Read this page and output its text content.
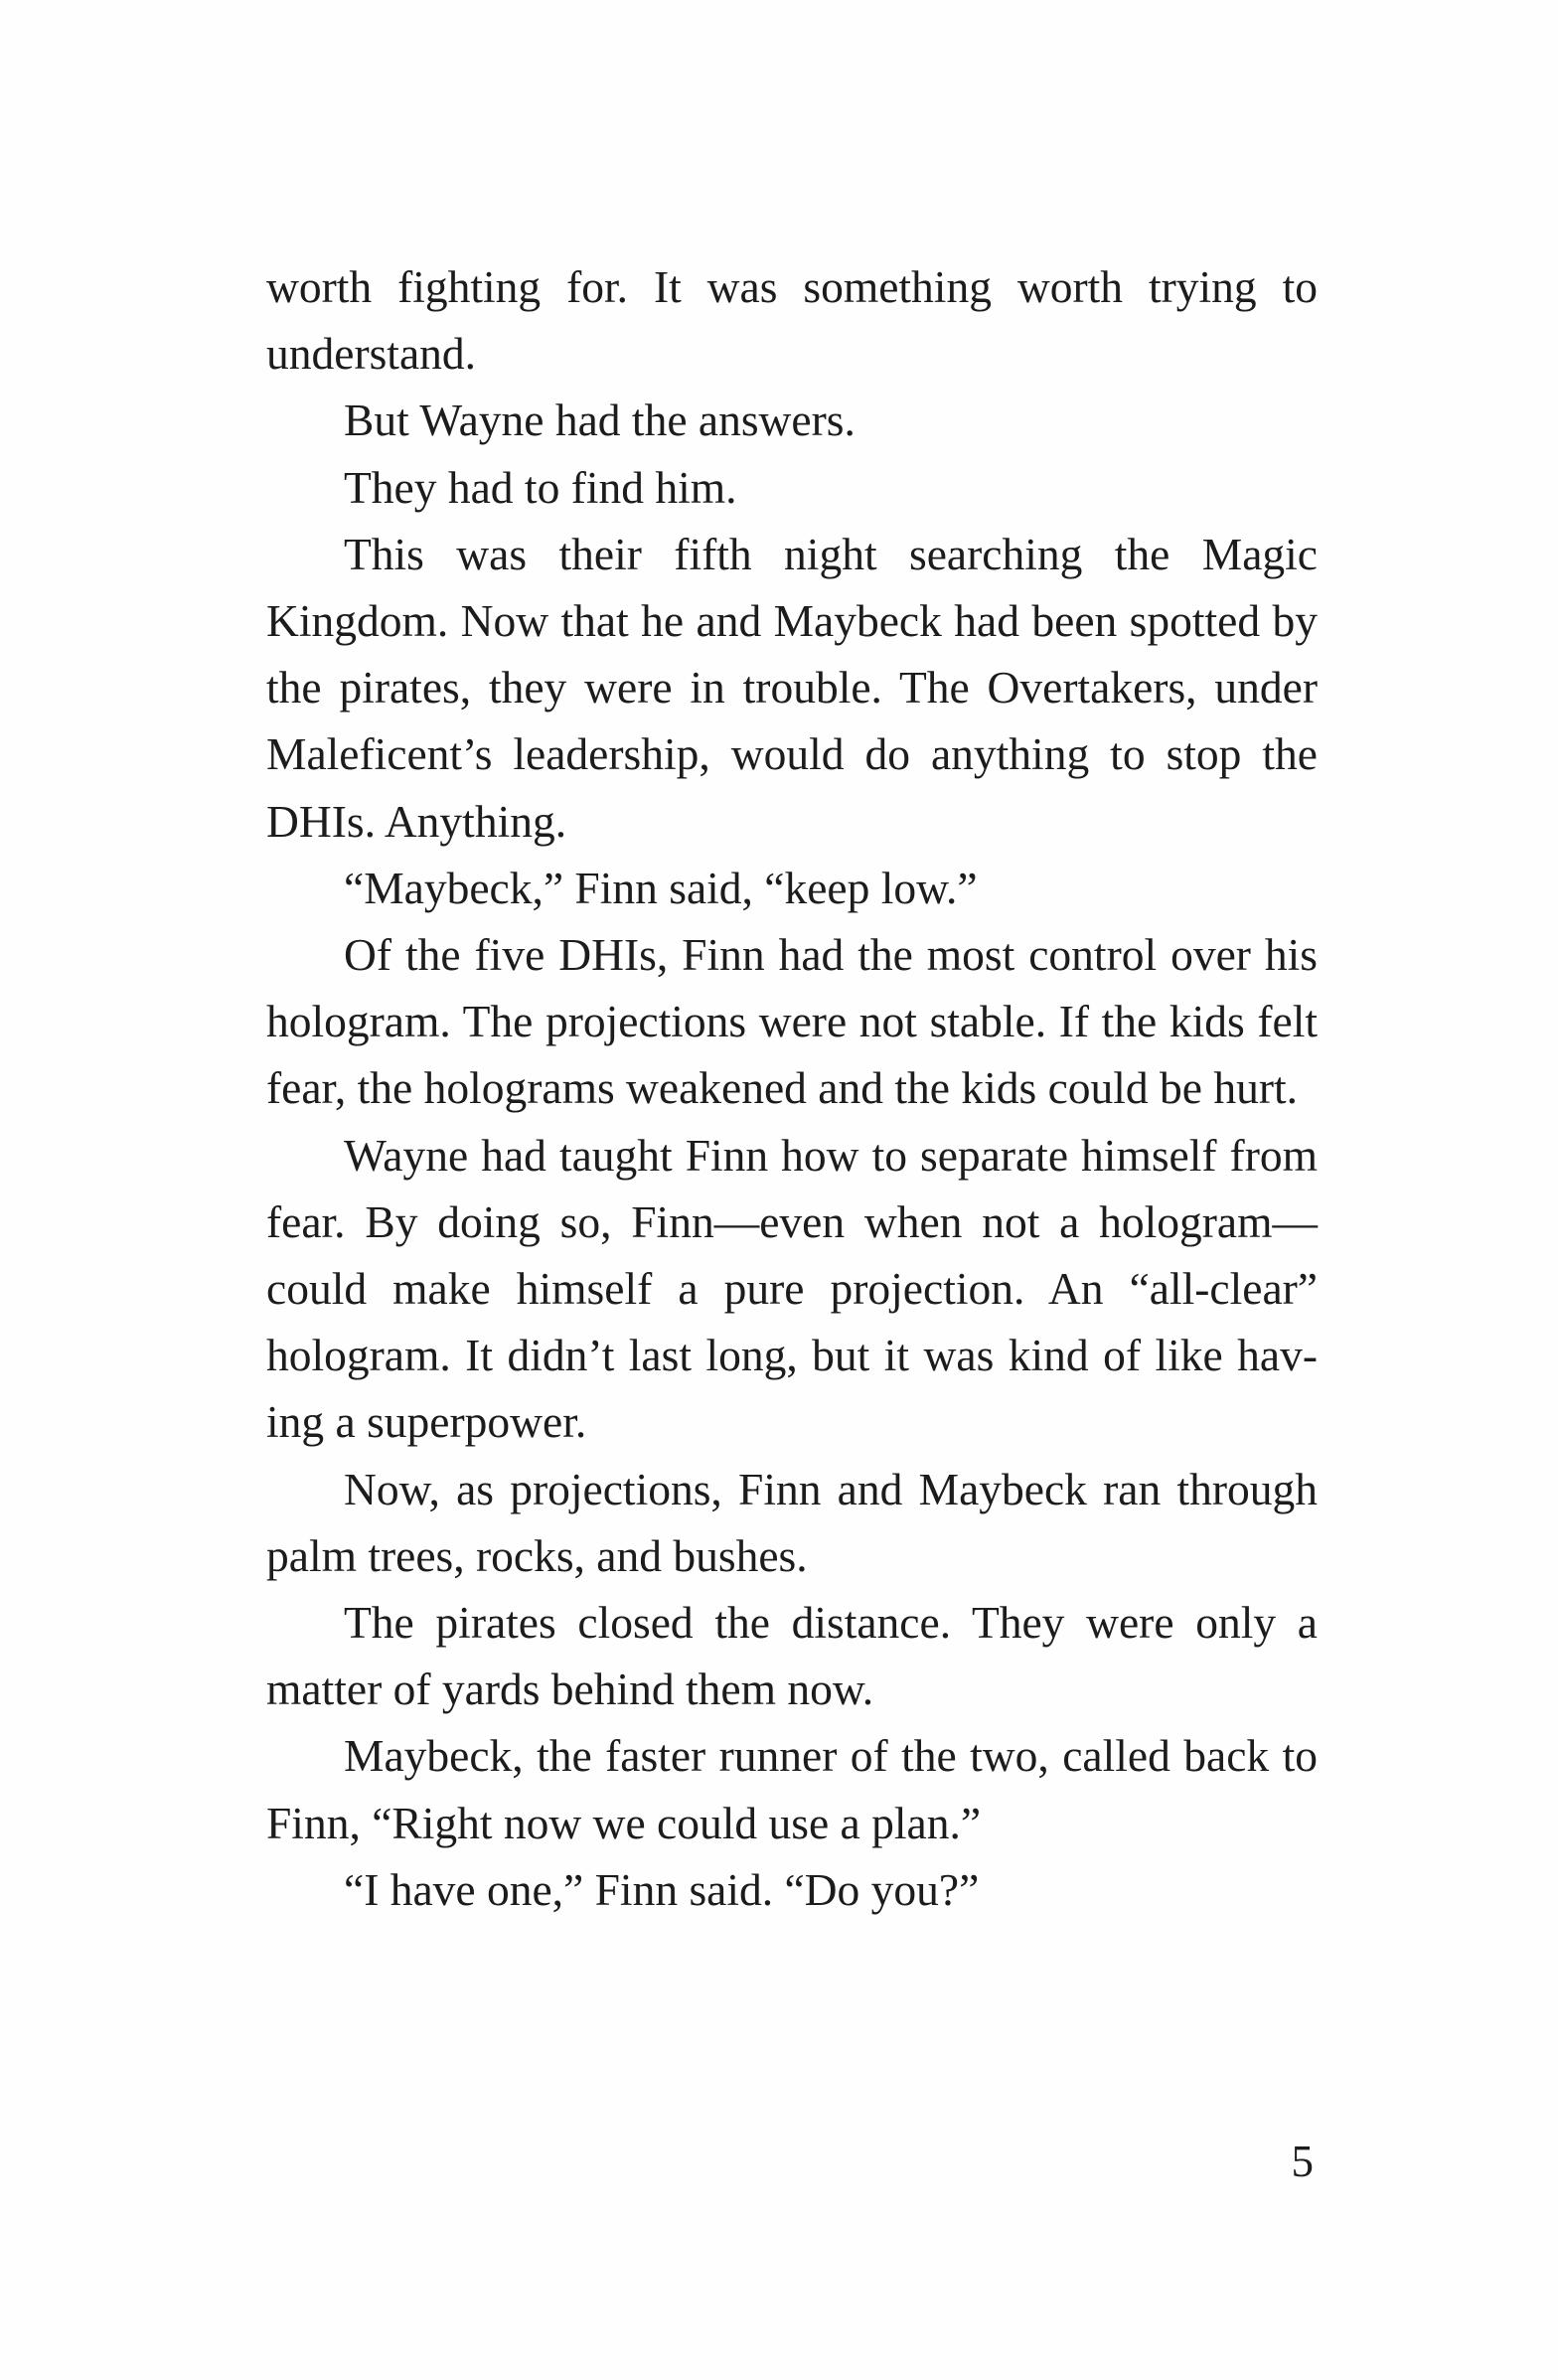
worth fighting for. It was something worth trying to understand.

But Wayne had the answers.

They had to find him.

This was their fifth night searching the Magic Kingdom. Now that he and Maybeck had been spotted by the pirates, they were in trouble. The Overtakers, under Maleficent’s leadership, would do anything to stop the DHIs. Anything.

“Maybeck,” Finn said, “keep low.”

Of the five DHIs, Finn had the most control over his hologram. The projections were not stable. If the kids felt fear, the holograms weakened and the kids could be hurt.

Wayne had taught Finn how to separate himself from fear. By doing so, Finn—even when not a hologram—could make himself a pure projection. An “all-clear” hologram. It didn’t last long, but it was kind of like hav-ing a superpower.

Now, as projections, Finn and Maybeck ran through palm trees, rocks, and bushes.

The pirates closed the distance. They were only a matter of yards behind them now.

Maybeck, the faster runner of the two, called back to Finn, “Right now we could use a plan.”

“I have one,” Finn said. “Do you?”

5
